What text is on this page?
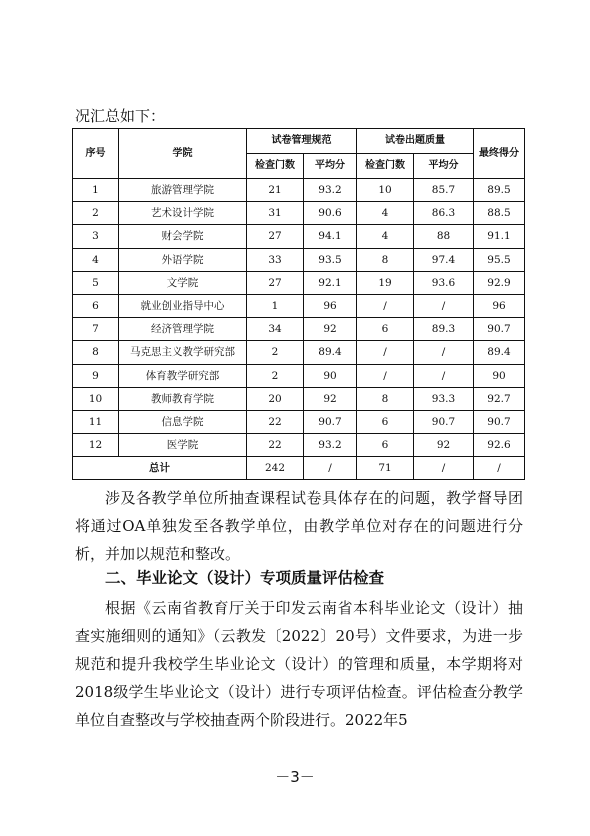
况汇总如下：
序号	学院	试卷管理规范		试卷出题质量		最终得分
		检查门数	平均分	检查门数	平均分	
1	旅游管理学院	21	93.2	10	85.7	89.5
2	艺术设计学院	31	90.6	4	86.3	88.5
3	财会学院	27	94.1	4	88	91.1
4	外语学院	33	93.5	8	97.4	95.5
5	文学院	27	92.1	19	93.6	92.9
6	就业创业指导中心	1	96	/	/	96
7	经济管理学院	34	92	6	89.3	90.7
8	马克思主义教学研究部	2	89.4	/	/	89.4
9	体育教学研究部	2	90	/	/	90
10	教师教育学院	20	92	8	93.3	92.7
11	信息学院	22	90.7	6	90.7	90.7
12	医学院	22	93.2	6	92	92.6
总计		242	/	71	/	/
涉及各教学单位所抽查课程试卷具体存在的问题，教学督导团将通过OA单独发至各教学单位，由教学单位对存在的问题进行分析，并加以规范和整改。
二、毕业论文（设计）专项质量评估检查
根据《云南省教育厅关于印发云南省本科毕业论文（设计）抽查实施细则的通知》（云教发〔2022〕20号）文件要求，为进一步规范和提升我校学生毕业论文（设计）的管理和质量，本学期将对2018级学生毕业论文（设计）进行专项评估检查。评估检查分教学单位自查整改与学校抽查两个阶段进行。2022年5
－3－
